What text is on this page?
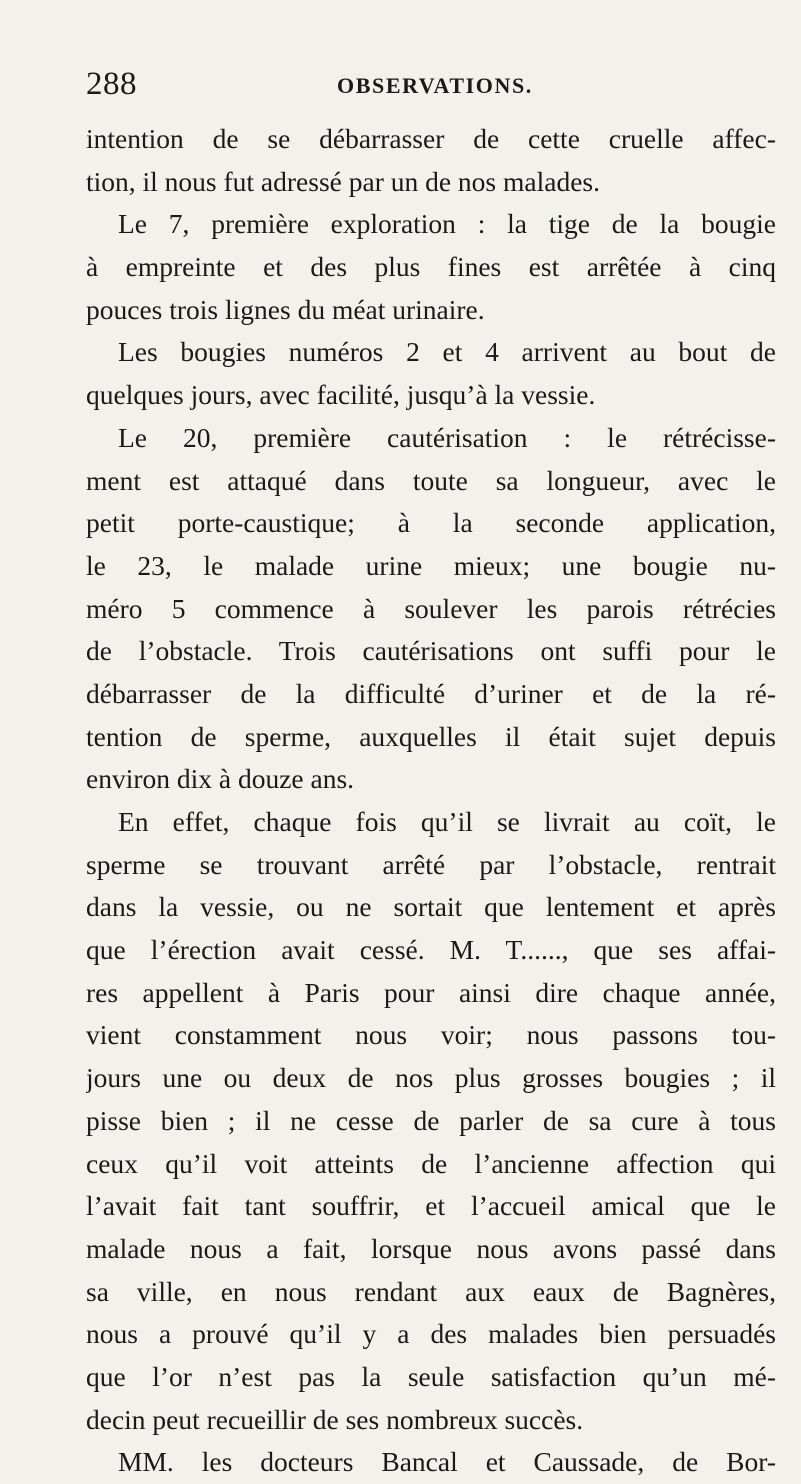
288	OBSERVATIONS.
intention de se débarrasser de cette cruelle affec-
tion, il nous fut adressé par un de nos malades.
Le 7, première exploration : la tige de la bougie
à empreinte et des plus fines est arrêtée à cinq
pouces trois lignes du méat urinaire.
Les bougies numéros 2 et 4 arrivent au bout de
quelques jours, avec facilité, jusqu’à la vessie.
Le 20, première cautérisation : le rétrécisse-
ment est attaqué dans toute sa longueur, avec le
petit porte-caustique; à la seconde application,
le 23, le malade urine mieux; une bougie nu-
méro 5 commence à soulever les parois rétrécies
de l’obstacle. Trois cautérisations ont suffi pour le
débarrasser de la difficulté d’uriner et de la ré-
tention de sperme, auxquelles il était sujet depuis
environ dix à douze ans.
En effet, chaque fois qu’il se livrait au coït, le
sperme se trouvant arrêté par l’obstacle, rentrait
dans la vessie, ou ne sortait que lentement et après
que l’érection avait cessé. M. T......, que ses affai-
res appellent à Paris pour ainsi dire chaque année,
vient constamment nous voir; nous passons tou-
jours une ou deux de nos plus grosses bougies ; il
pisse bien ; il ne cesse de parler de sa cure à tous
ceux qu’il voit atteints de l’ancienne affection qui
l’avait fait tant souffrir, et l’accueil amical que le
malade nous a fait, lorsque nous avons passé dans
sa ville, en nous rendant aux eaux de Bagnères,
nous a prouvé qu’il y a des malades bien persuadés
que l’or n’est pas la seule satisfaction qu’un mé-
decin peut recueillir de ses nombreux succès.
MM. les docteurs Bancal et Caussade, de Bor-
